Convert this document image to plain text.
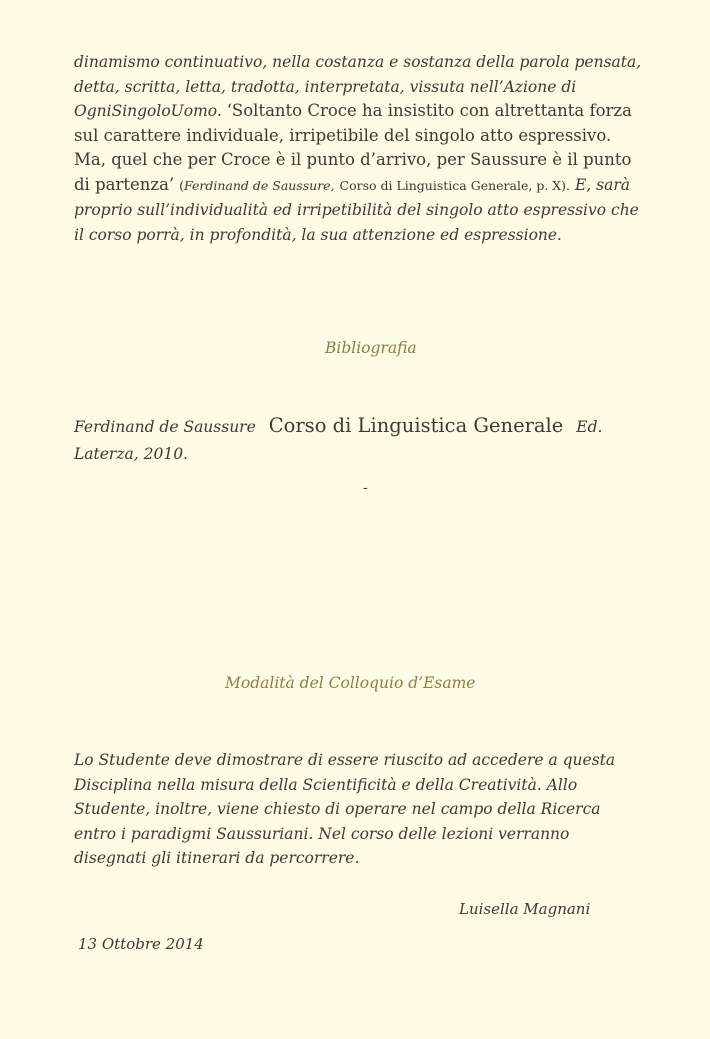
dinamismo continuativo, nella costanza e sostanza della parola pensata, detta, scritta, letta, tradotta, interpretata, vissuta nell’Azione di OgniSingoloUomo. ‘Soltanto Croce ha insistito con altrettanta forza sul carattere individuale, irripetibile del singolo atto espressivo. Ma, quel che per Croce è il punto d’arrivo, per Saussure è il punto di partenza’ (Ferdinand de Saussure, Corso di Linguistica Generale, p. X). E, sarà proprio sull’individualità ed irripetibilità del singolo atto espressivo che il corso porrà, in profondità, la sua attenzione ed espressione.
Bibliografia
Ferdinand de Saussure Corso di Linguistica Generale Ed. Laterza, 2010.
-
Modalità del Colloquio d’Esame
Lo Studente deve dimostrare di essere riuscito ad accedere a questa Disciplina nella misura della Scientificità e della Creatività. Allo Studente, inoltre, viene chiesto di operare nel campo della Ricerca entro i paradigmi Saussuriani. Nel corso delle lezioni verranno disegnati gli itinerari da percorrere.
Luisella Magnani
13 Ottobre 2014
